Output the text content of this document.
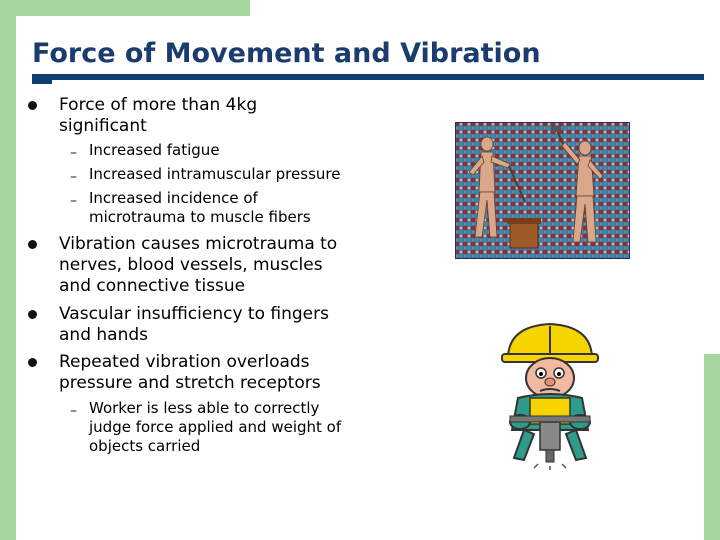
Force of Movement and Vibration
Force of more than 4kg significant
– Increased fatigue
– Increased intramuscular pressure
– Increased incidence of microtrauma to muscle fibers
Vibration causes microtrauma to nerves, blood vessels, muscles and connective tissue
Vascular insufficiency to fingers and hands
Repeated vibration overloads pressure and stretch receptors
– Worker is less able to correctly judge force applied and weight of objects carried
